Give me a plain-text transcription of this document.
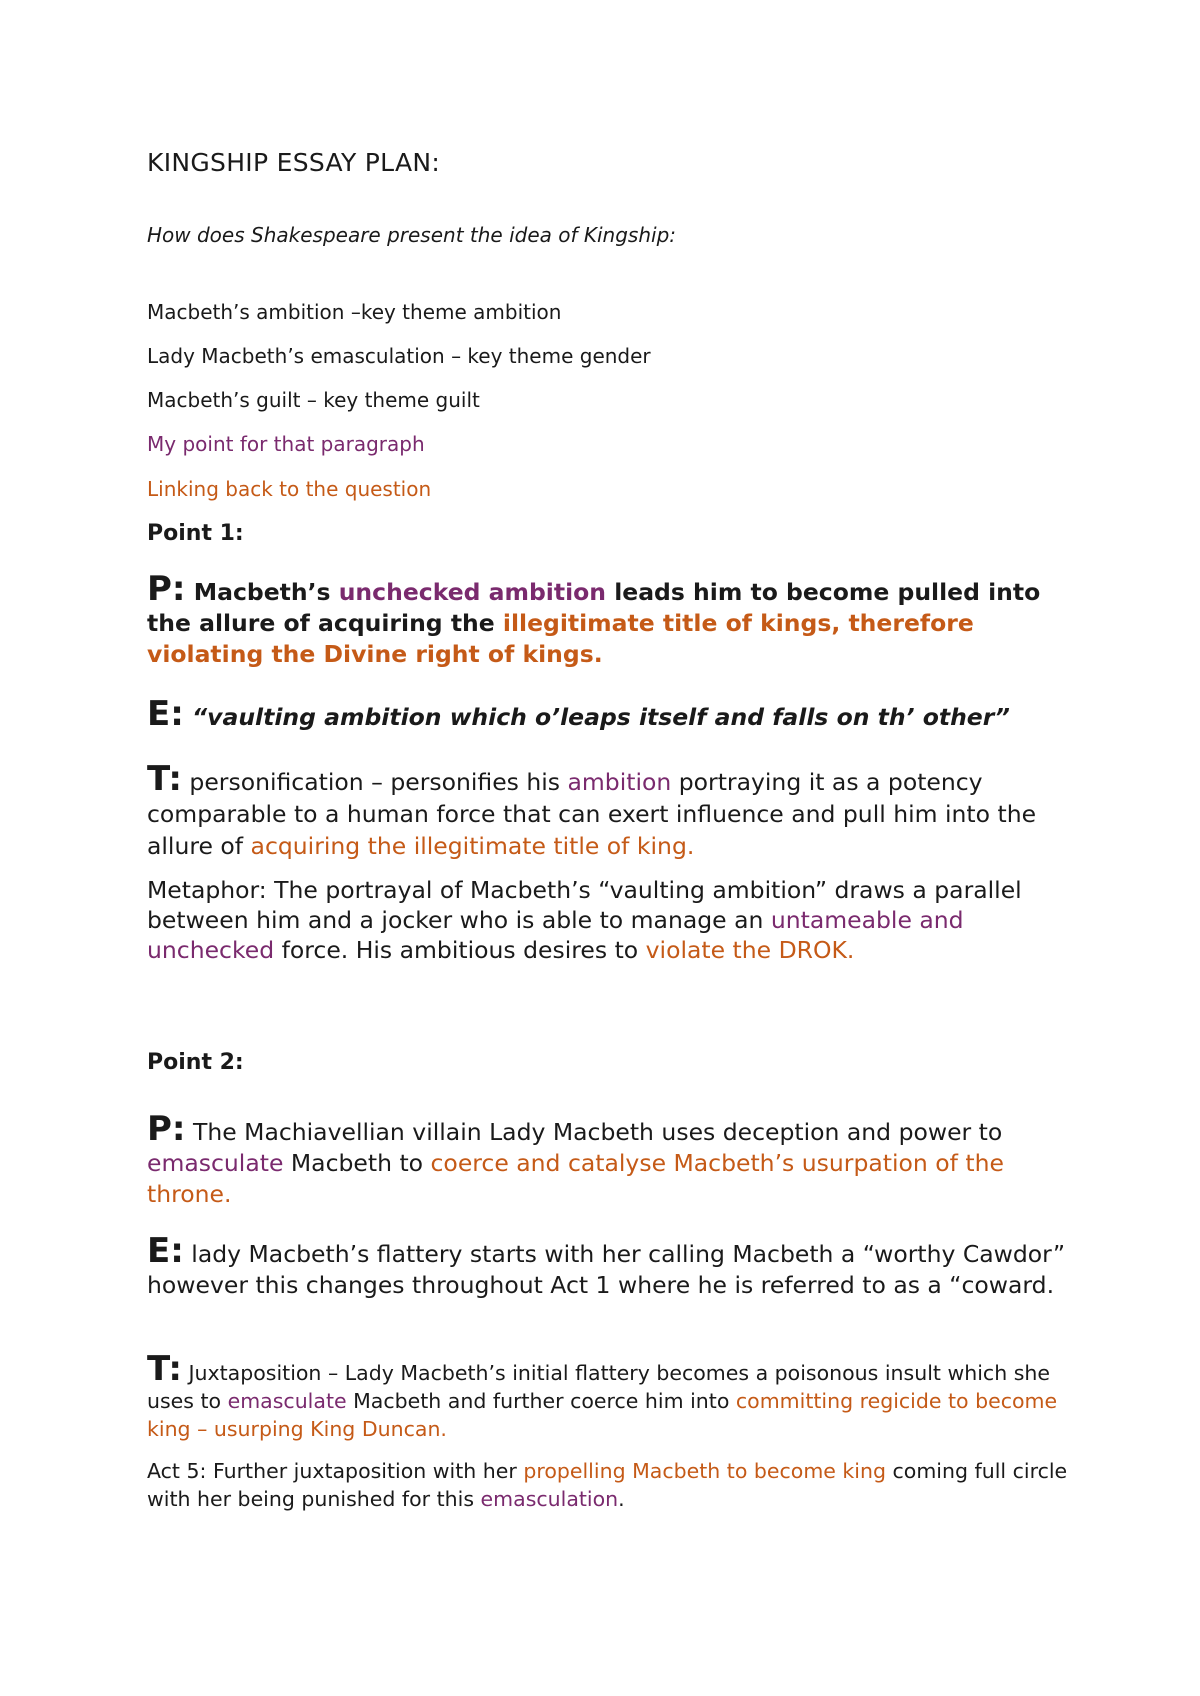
KINGSHIP ESSAY PLAN:
How does Shakespeare present the idea of Kingship:
Macbeth’s ambition –key theme ambition
Lady Macbeth’s emasculation – key theme gender
Macbeth’s guilt – key theme guilt
My point for that paragraph
Linking back to the question
Point 1:

P: Macbeth’s unchecked ambition leads him to become pulled into the allure of acquiring the illegitimate title of kings, therefore violating the Divine right of kings.

E: “vaulting ambition which o’leaps itself and falls on th’ other”

T: personification – personifies his ambition portraying it as a potency comparable to a human force that can exert influence and pull him into the allure of acquiring the illegitimate title of king.

Metaphor: The portrayal of Macbeth’s “vaulting ambition” draws a parallel between him and a jocker who is able to manage an untameable and unchecked force. His ambitious desires to violate the DROK.

Point 2:

P: The Machiavellian villain Lady Macbeth uses deception and power to emasculate Macbeth to coerce and catalyse Macbeth’s usurpation of the throne.

E: lady Macbeth’s flattery starts with her calling Macbeth a “worthy Cawdor” however this changes throughout Act 1 where he is referred to as a “coward.

T: Juxtaposition – Lady Macbeth’s initial flattery becomes a poisonous insult which she uses to emasculate Macbeth and further coerce him into committing regicide to become king – usurping King Duncan.

Act 5: Further juxtaposition with her propelling Macbeth to become king coming full circle with her being punished for this emasculation.
